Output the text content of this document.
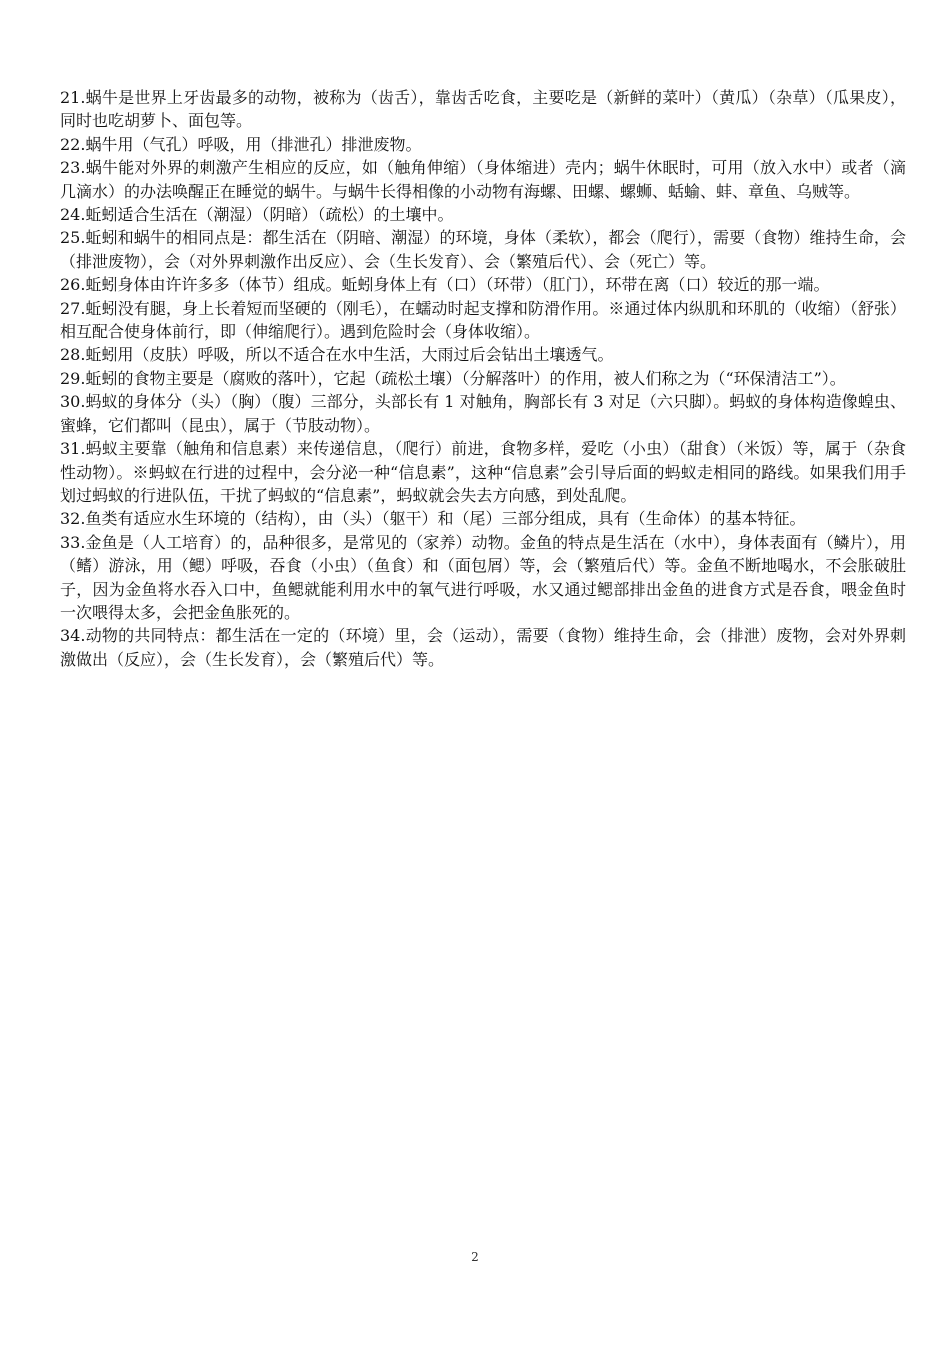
21.蜗牛是世界上牙齿最多的动物，被称为（齿舌），靠齿舌吃食，主要吃是（新鲜的菜叶）（黄瓜）（杂草）（瓜果皮），同时也吃胡萝卜、面包等。

22.蜗牛用（气孔）呼吸，用（排泄孔）排泄废物。

23.蜗牛能对外界的刺激产生相应的反应，如（触角伸缩）（身体缩进）壳内；蜗牛休眠时，可用（放入水中）或者（滴几滴水）的办法唤醒正在睡觉的蜗牛。与蜗牛长得相像的小动物有海螺、田螺、螺蛳、蛞蝓、蚌、章鱼、乌贼等。

24.蚯蚓适合生活在（潮湿）（阴暗）（疏松）的土壤中。

25.蚯蚓和蜗牛的相同点是：都生活在（阴暗、潮湿）的环境，身体（柔软），都会（爬行），需要（食物）维持生命，会（排泄废物），会（对外界刺激作出反应）、会（生长发育）、会（繁殖后代）、会（死亡）等。

26.蚯蚓身体由许许多多（体节）组成。蚯蚓身体上有（口）（环带）（肛门），环带在离（口）较近的那一端。

27.蚯蚓没有腿，身上长着短而坚硬的（刚毛），在蠕动时起支撑和防滑作用。※通过体内纵肌和环肌的（收缩）（舒张）相互配合使身体前行，即（伸缩爬行）。遇到危险时会（身体收缩）。

28.蚯蚓用（皮肤）呼吸，所以不适合在水中生活，大雨过后会钻出土壤透气。

29.蚯蚓的食物主要是（腐败的落叶），它起（疏松土壤）（分解落叶）的作用，被人们称之为（“环保清洁工”）。

30.蚂蚁的身体分（头）（胸）（腹）三部分，头部长有 1 对触角，胸部长有 3 对足（六只脚）。蚂蚁的身体构造像蝗虫、蜜蜂，它们都叫（昆虫），属于（节肢动物）。

31.蚂蚁主要靠（触角和信息素）来传递信息，（爬行）前进，食物多样，爱吃（小虫）（甜食）（米饭）等，属于（杂食性动物）。※蚂蚁在行进的过程中，会分泌一种“信息素”，这种“信息素”会引导后面的蚂蚁走相同的路线。如果我们用手划过蚂蚁的行进队伍，干扰了蚂蚁的“信息素”，蚂蚁就会失去方向感，到处乱爬。

32.鱼类有适应水生环境的（结构），由（头）（躯干）和（尾）三部分组成，具有（生命体）的基本特征。

33.金鱼是（人工培育）的，品种很多，是常见的（家养）动物。金鱼的特点是生活在（水中），身体表面有（鳞片），用（鳍）游泳，用（鳃）呼吸，吞食（小虫）（鱼食）和（面包屑）等，会（繁殖后代）等。金鱼不断地喝水，不会胀破肚子，因为金鱼将水吞入口中，鱼鳃就能利用水中的氧气进行呼吸，水又通过鳃部排出金鱼的进食方式是吞食，喂金鱼时一次喂得太多，会把金鱼胀死的。

34.动物的共同特点：都生活在一定的（环境）里，会（运动），需要（食物）维持生命，会（排泄）废物，会对外界刺激做出（反应），会（生长发育），会（繁殖后代）等。

2
